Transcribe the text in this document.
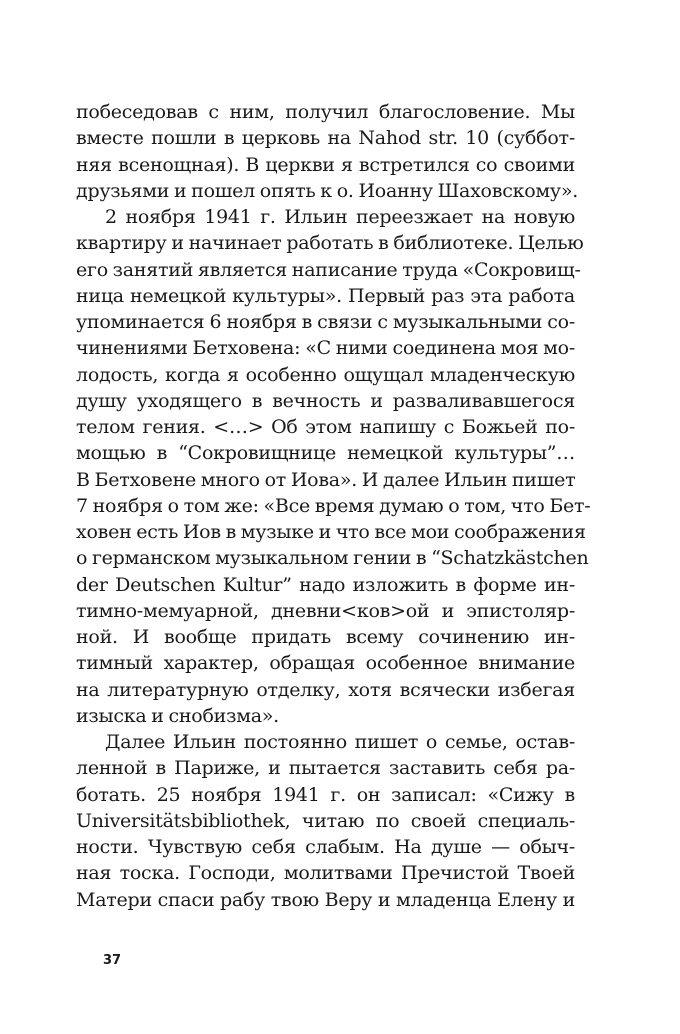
побеседовав с ним, получил благословение. Мы
вместе пошли в церковь на Nahod str. 10 (суббот-
няя всенощная). В церкви я встретился со своими
друзьями и пошел опять к о. Иоанну Шаховскому».
2 ноября 1941 г. Ильин переезжает на новую
квартиру и начинает работать в библиотеке. Целью
его занятий является написание труда «Сокровищ-
ница немецкой культуры». Первый раз эта работа
упоминается 6 ноября в связи с музыкальными со-
чинениями Бетховена: «С ними соединена моя мо-
лодость, когда я особенно ощущал младенческую
душу уходящего в вечность и разваливавшегося
телом гения. <…> Об этом напишу с Божьей по-
мощью в “Сокровищнице немецкой культуры”…
В Бетховене много от Иова». И далее Ильин пишет
7 ноября о том же: «Все время думаю о том, что Бет-
ховен есть Иов в музыке и что все мои соображения
о германском музыкальном гении в “Schatzkästchen
der Deutschen Kultur” надо изложить в форме ин-
тимно-мемуарной, дневни<ков>ой и эпистоляр-
ной. И вообще придать всему сочинению ин-
тимный характер, обращая особенное внимание
на литературную отделку, хотя всячески избегая
изыска и снобизма».
Далее Ильин постоянно пишет о семье, остав-
ленной в Париже, и пытается заставить себя ра-
ботать. 25 ноября 1941 г. он записал: «Сижу в
Universitätsbibliothek, читаю по своей специаль-
ности. Чувствую себя слабым. На душе — обыч-
ная тоска. Господи, молитвами Пречистой Твоей
Матери спаси рабу твою Веру и младенца Елену и
37
